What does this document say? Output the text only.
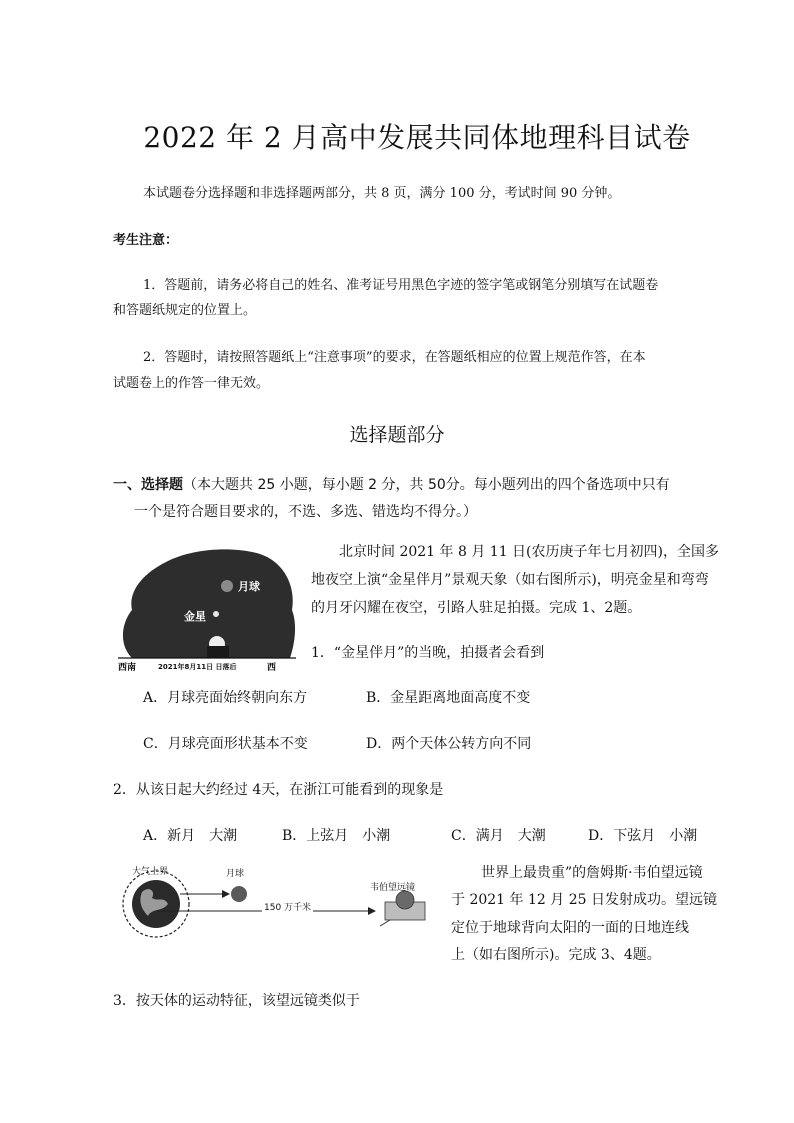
2022 年 2 月高中发展共同体地理科目试卷
本试题卷分选择题和非选择题两部分，共 8 页，满分 100 分，考试时间 90 分钟。
考生注意：
1．答题前，请务必将自己的姓名、准考证号用黑色字迹的签字笔或钢笔分别填写在试题卷
和答题纸规定的位置上。
2．答题时，请按照答题纸上“注意事项”的要求，在答题纸相应的位置上规范作答，在本
试题卷上的作答一律无效。
选择题部分
一、选择题（本大题共 25 小题，每小题 2 分，共 50分。每小题列出的四个备选项中只有
一个是符合题目要求的，不选、多选、错选均不得分。）
月球
金星
西南	2021年8月11日 日落后	西
北京时间 2021 年 8 月 11 日(农历庚子年七月初四)，全国多
地夜空上演“金星伴月”景观天象（如右图所示)，明亮金星和弯弯
的月牙闪耀在夜空，引路人驻足拍摄。完成 1、2题。
1．“金星伴月”的当晚，拍摄者会看到
A．月球亮面始终朝向东方	B．金星距离地面高度不变
C．月球亮面形状基本不变	D．两个天体公转方向不同
2．从该日起大约经过 4天，在浙江可能看到的现象是
A．新月　大潮	B．上弦月　小潮	C．满月　大潮	D．下弦月　小潮
大气上界	月球
韦伯望远镜
150 万千米
世界上最贵重”的詹姆斯·韦伯望远镜
于 2021 年 12 月 25 日发射成功。望远镜
定位于地球背向太阳的一面的日地连线
上（如右图所示)。完成 3、4题。
3．按天体的运动特征，该望远镜类似于
